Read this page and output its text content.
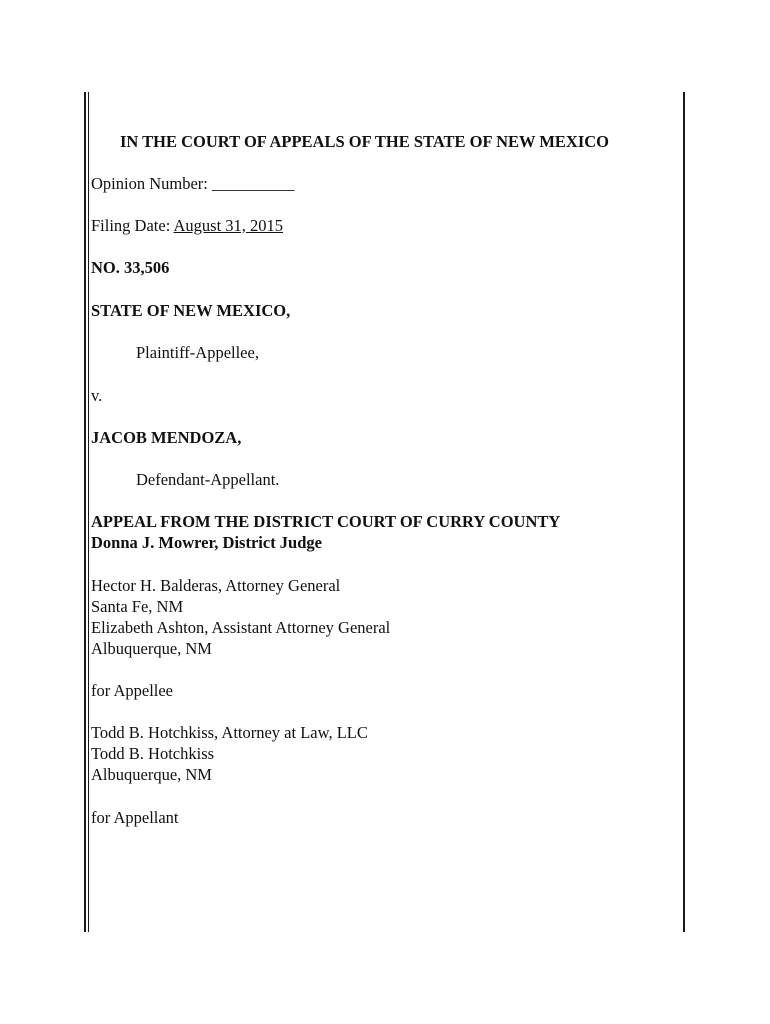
IN THE COURT OF APPEALS OF THE STATE OF NEW MEXICO
Opinion Number: __________
Filing Date: August 31, 2015
NO. 33,506
STATE OF NEW MEXICO,
Plaintiff-Appellee,
v.
JACOB MENDOZA,
Defendant-Appellant.
APPEAL FROM THE DISTRICT COURT OF CURRY COUNTY
Donna J. Mowrer, District Judge
Hector H. Balderas, Attorney General
Santa Fe, NM
Elizabeth Ashton, Assistant Attorney General
Albuquerque, NM
for Appellee
Todd B. Hotchkiss, Attorney at Law, LLC
Todd B. Hotchkiss
Albuquerque, NM
for Appellant
